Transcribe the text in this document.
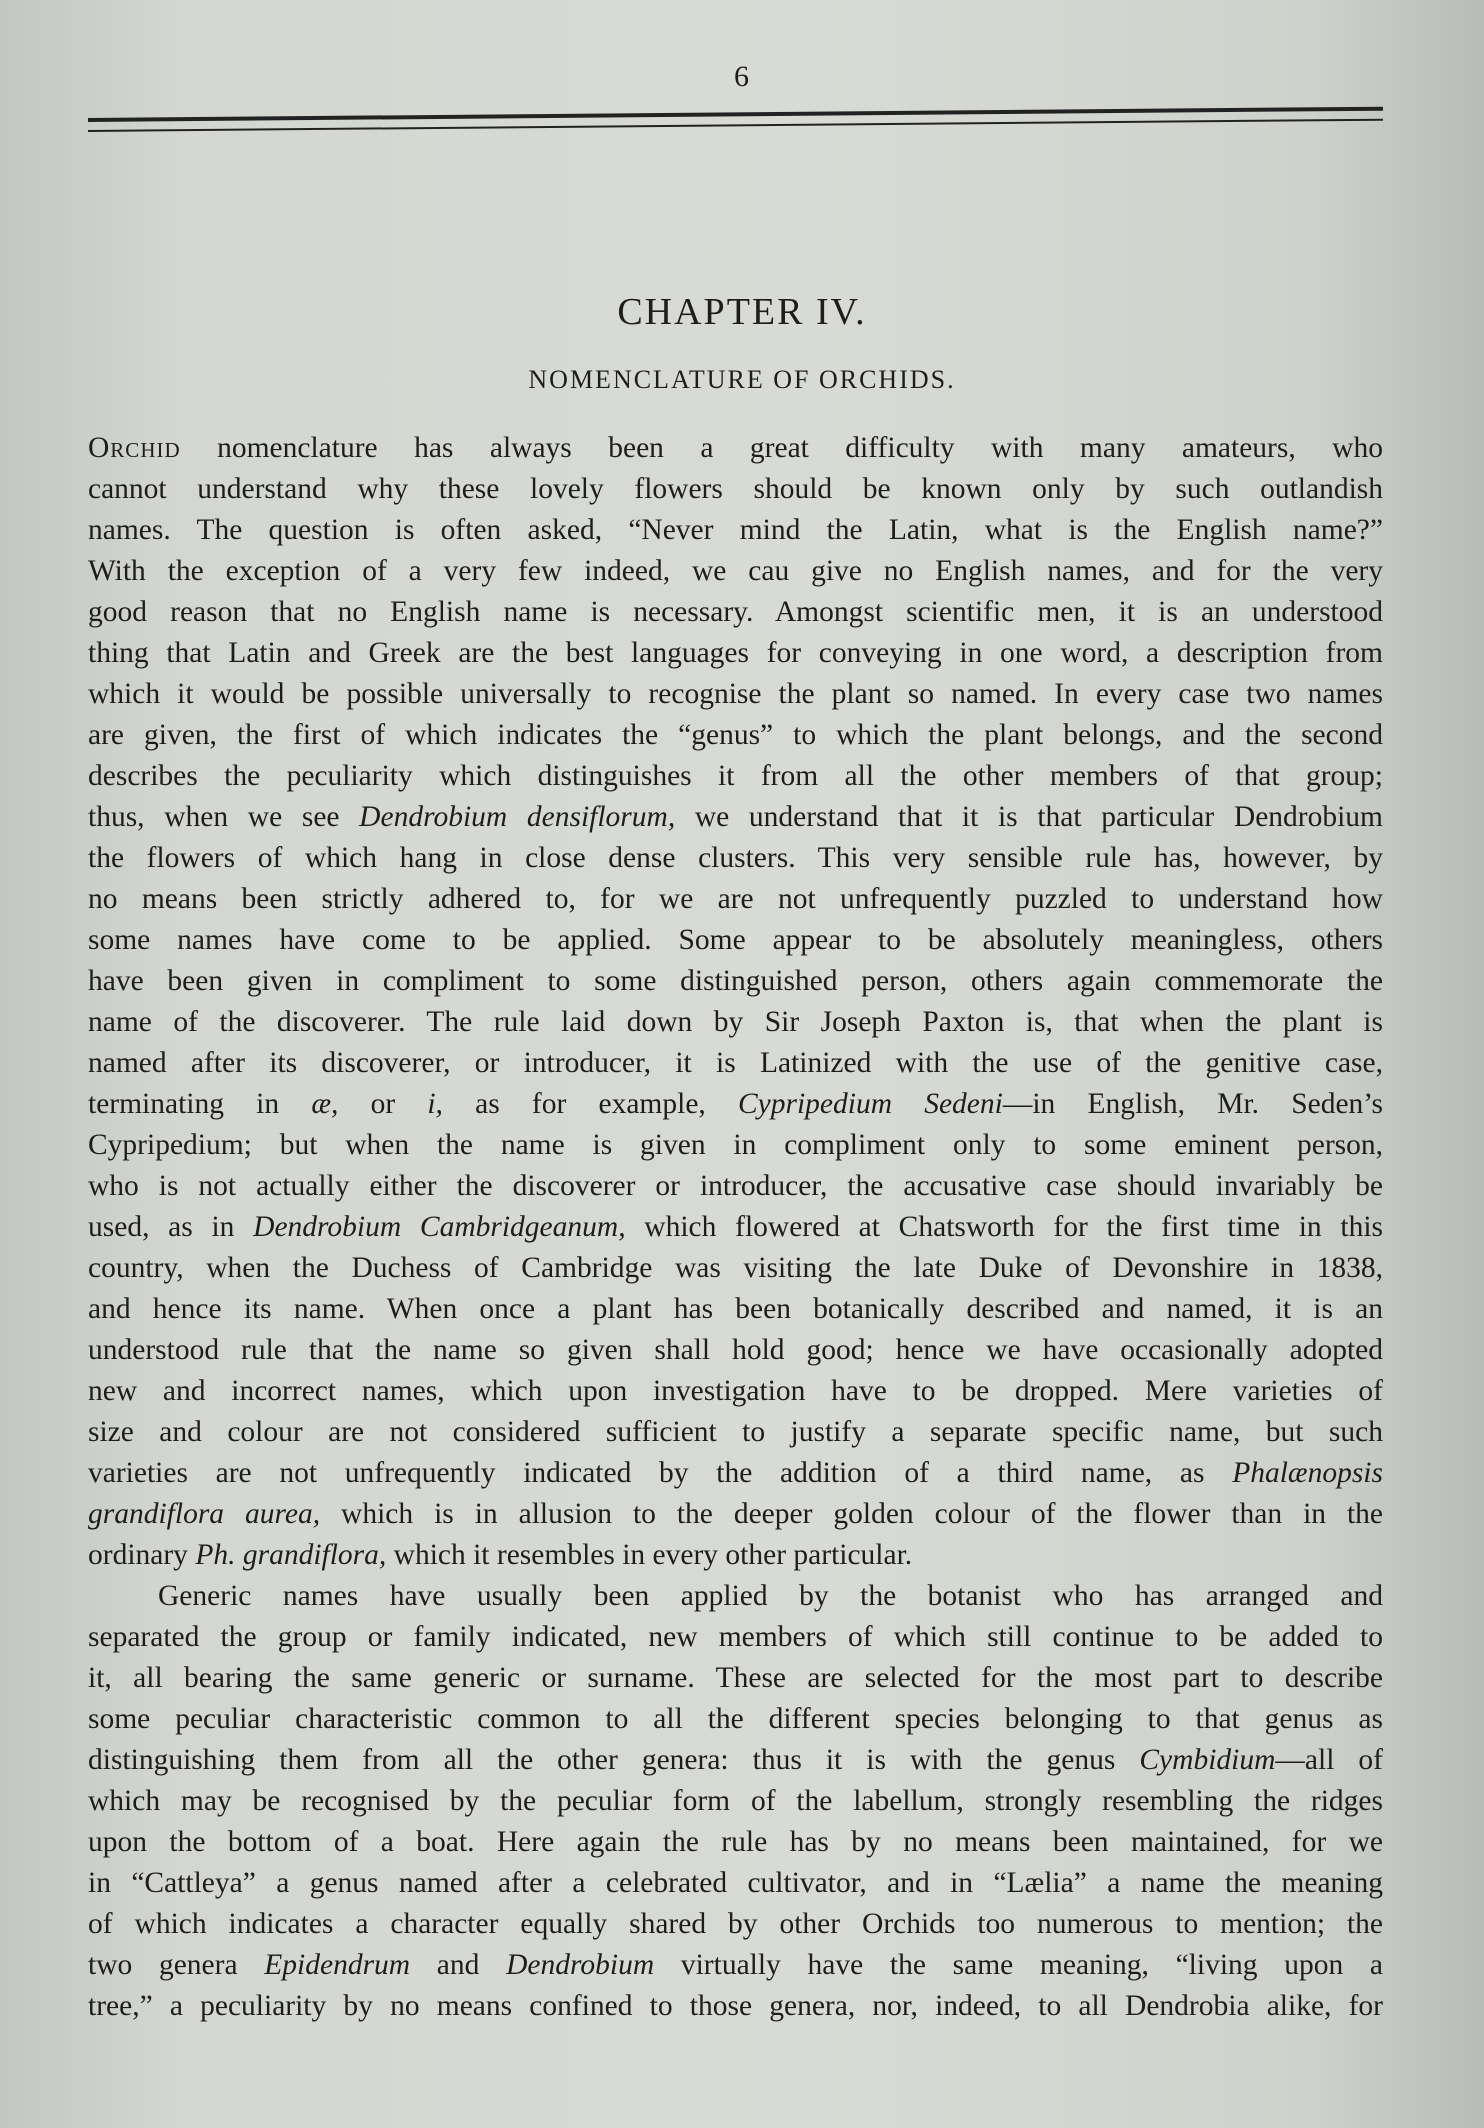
6
CHAPTER IV.
NOMENCLATURE OF ORCHIDS.
Orchid nomenclature has always been a great difficulty with many amateurs, who
cannot understand why these lovely flowers should be known only by such outlandish
names. The question is often asked, “Never mind the Latin, what is the English name?”
With the exception of a very few indeed, we cau give no English names, and for the very
good reason that no English name is necessary. Amongst scientific men, it is an understood
thing that Latin and Greek are the best languages for conveying in one word, a description from
which it would be possible universally to recognise the plant so named. In every case two names
are given, the first of which indicates the “genus” to which the plant belongs, and the second
describes the peculiarity which distinguishes it from all the other members of that group;
thus, when we see Dendrobium densiflorum, we understand that it is that particular Dendrobium
the flowers of which hang in close dense clusters. This very sensible rule has, however, by
no means been strictly adhered to, for we are not unfrequently puzzled to understand how
some names have come to be applied. Some appear to be absolutely meaningless, others
have been given in compliment to some distinguished person, others again commemorate the
name of the discoverer. The rule laid down by Sir Joseph Paxton is, that when the plant is
named after its discoverer, or introducer, it is Latinized with the use of the genitive case,
terminating in æ, or i, as for example, Cypripedium Sedeni—in English, Mr. Seden’s
Cypripedium; but when the name is given in compliment only to some eminent person,
who is not actually either the discoverer or introducer, the accusative case should invariably be
used, as in Dendrobium Cambridgeanum, which flowered at Chatsworth for the first time in this
country, when the Duchess of Cambridge was visiting the late Duke of Devonshire in 1838,
and hence its name. When once a plant has been botanically described and named, it is an
understood rule that the name so given shall hold good; hence we have occasionally adopted
new and incorrect names, which upon investigation have to be dropped. Mere varieties of
size and colour are not considered sufficient to justify a separate specific name, but such
varieties are not unfrequently indicated by the addition of a third name, as Phalænopsis
grandiflora aurea, which is in allusion to the deeper golden colour of the flower than in the
ordinary Ph. grandiflora, which it resembles in every other particular.
Generic names have usually been applied by the botanist who has arranged and
separated the group or family indicated, new members of which still continue to be added to
it, all bearing the same generic or surname. These are selected for the most part to describe
some peculiar characteristic common to all the different species belonging to that genus as
distinguishing them from all the other genera: thus it is with the genus Cymbidium—all of
which may be recognised by the peculiar form of the labellum, strongly resembling the ridges
upon the bottom of a boat. Here again the rule has by no means been maintained, for we
in “Cattleya” a genus named after a celebrated cultivator, and in “Lælia” a name the meaning
of which indicates a character equally shared by other Orchids too numerous to mention; the
two genera Epidendrum and Dendrobium virtually have the same meaning, “living upon a
tree,” a peculiarity by no means confined to those genera, nor, indeed, to all Dendrobia alike, for
